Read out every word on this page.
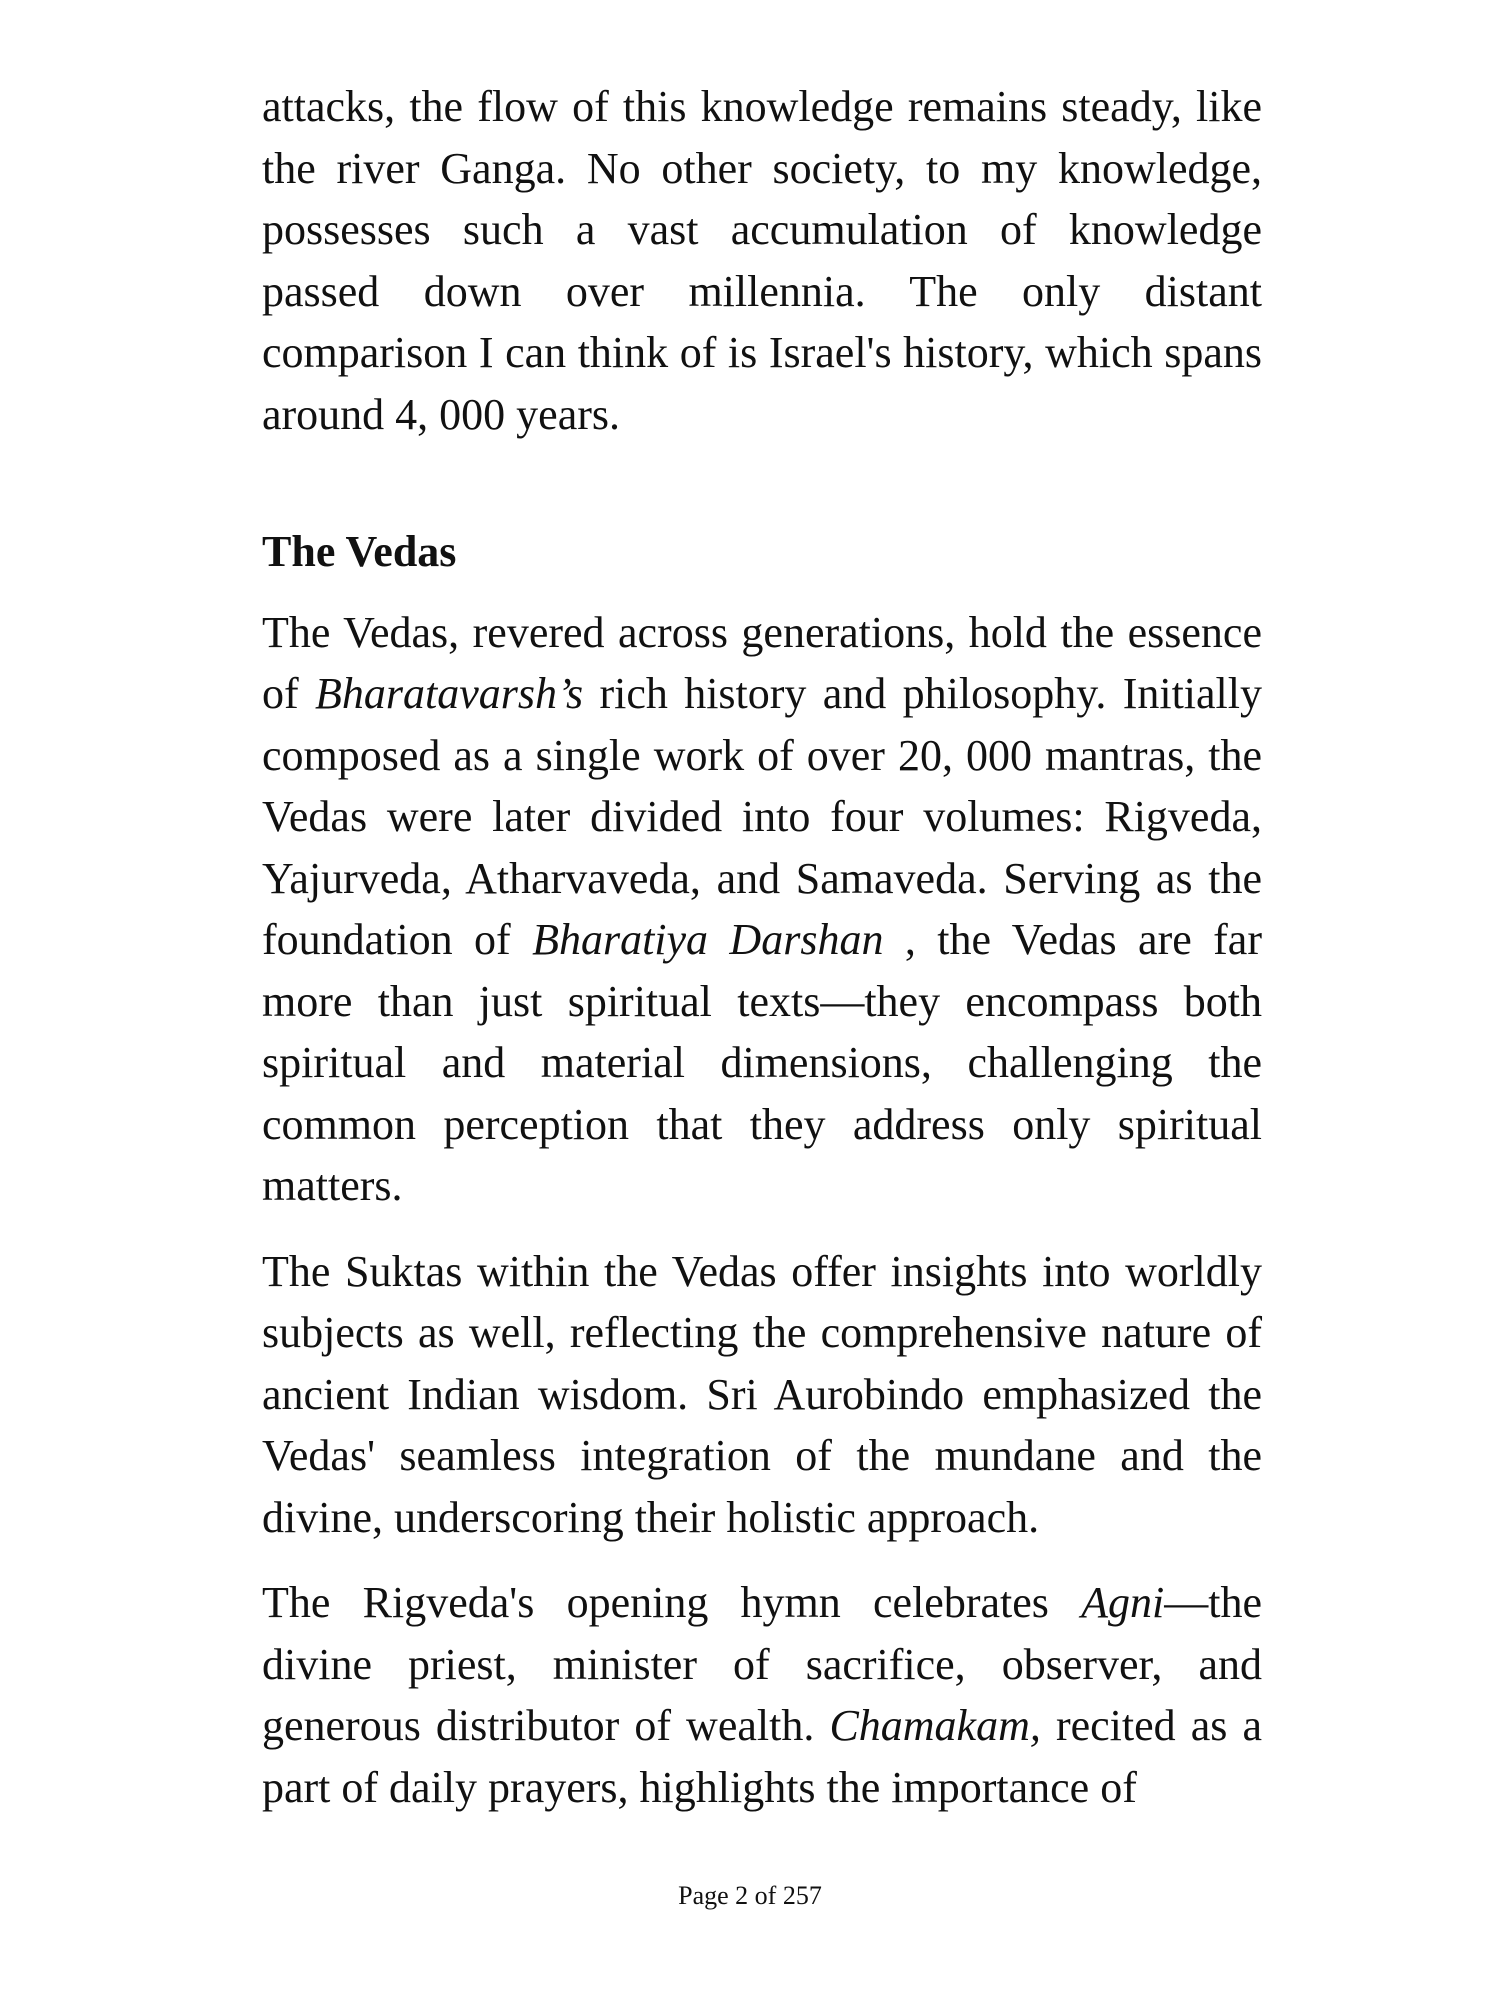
attacks, the flow of this knowledge remains steady, like the river Ganga. No other society, to my knowledge, possesses such a vast accumulation of knowledge passed down over millennia. The only distant comparison I can think of is Israel's history, which spans around 4, 000 years.

The Vedas

The Vedas, revered across generations, hold the essence of Bharatavarsh’s rich history and philosophy. Initially composed as a single work of over 20, 000 mantras, the Vedas were later divided into four volumes: Rigveda, Yajurveda, Atharvaveda, and Samaveda. Serving as the foundation of Bharatiya Darshan , the Vedas are far more than just spiritual texts—they encompass both spiritual and material dimensions, challenging the common perception that they address only spiritual matters.

The Suktas within the Vedas offer insights into worldly subjects as well, reflecting the comprehensive nature of ancient Indian wisdom. Sri Aurobindo emphasized the Vedas' seamless integration of the mundane and the divine, underscoring their holistic approach.

The Rigveda's opening hymn celebrates Agni—the divine priest, minister of sacrifice, observer, and generous distributor of wealth. Chamakam, recited as a part of daily prayers, highlights the importance of

Page 2 of 257
